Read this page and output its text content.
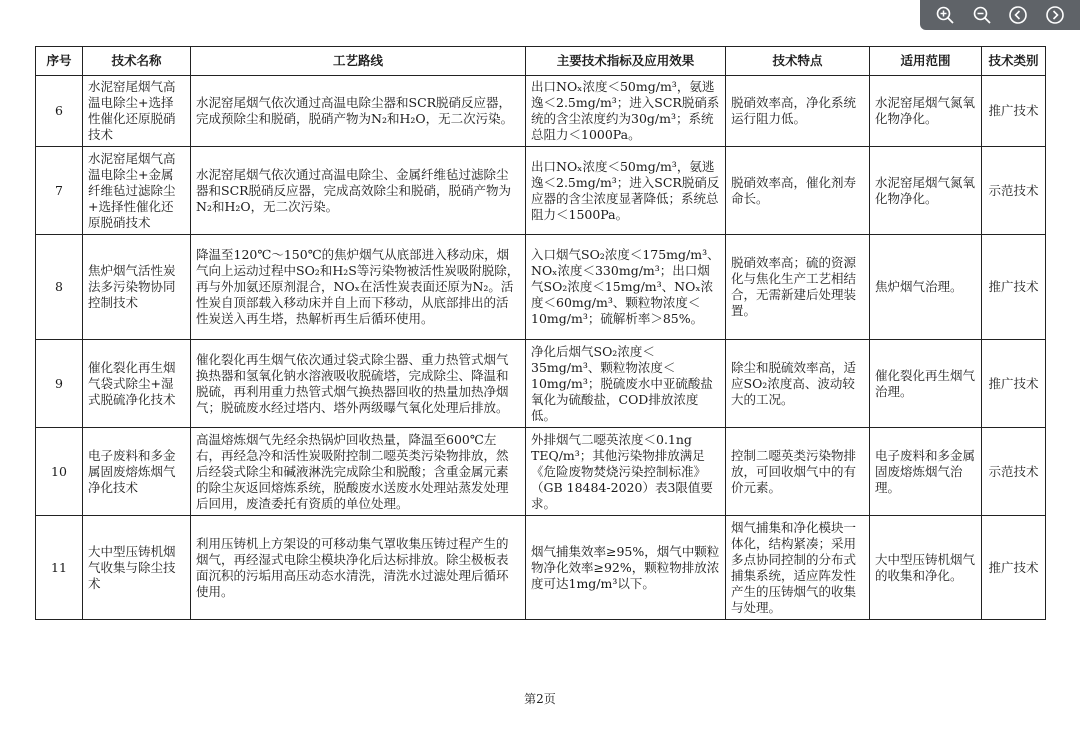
序号	技术名称	工艺路线	主要技术指标及应用效果	技术特点	适用范围	技术类别
6	水泥窑尾烟气高温电除尘+选择性催化还原脱硝技术	水泥窑尾烟气依次通过高温电除尘器和SCR脱硝反应器，完成预除尘和脱硝，脱硝产物为N₂和H₂O，无二次污染。	出口NOₓ浓度＜50mg/m³，氨逃逸＜2.5mg/m³；进入SCR脱硝系统的含尘浓度约为30g/m³；系统总阻力＜1000Pa。	脱硝效率高，净化系统运行阻力低。	水泥窑尾烟气氮氧化物净化。	推广技术
7	水泥窑尾烟气高温电除尘+金属纤维毡过滤除尘+选择性催化还原脱硝技术	水泥窑尾烟气依次通过高温电除尘、金属纤维毡过滤除尘器和SCR脱硝反应器，完成高效除尘和脱硝，脱硝产物为N₂和H₂O，无二次污染。	出口NOₓ浓度＜50mg/m³，氨逃逸＜2.5mg/m³；进入SCR脱硝反应器的含尘浓度显著降低；系统总阻力＜1500Pa。	脱硝效率高，催化剂寿命长。	水泥窑尾烟气氮氧化物净化。	示范技术
8	焦炉烟气活性炭法多污染物协同控制技术	降温至120℃～150℃的焦炉烟气从底部进入移动床，烟气向上运动过程中SO₂和H₂S等污染物被活性炭吸附脱除，再与外加氨还原剂混合，NOₓ在活性炭表面还原为N₂。活性炭自顶部载入移动床并自上而下移动，从底部排出的活性炭送入再生塔，热解析再生后循环使用。	入口烟气SO₂浓度＜175mg/m³、NOₓ浓度＜330mg/m³；出口烟气SO₂浓度＜15mg/m³、NOₓ浓度＜60mg/m³、颗粒物浓度＜10mg/m³；硫解析率＞85%。	脱硝效率高；硫的资源化与焦化生产工艺相结合，无需新建后处理装置。	焦炉烟气治理。	推广技术
9	催化裂化再生烟气袋式除尘+湿式脱硫净化技术	催化裂化再生烟气依次通过袋式除尘器、重力热管式烟气换热器和氢氧化钠水溶液吸收脱硫塔，完成除尘、降温和脱硫，再利用重力热管式烟气换热器回收的热量加热净烟气；脱硫废水经过塔内、塔外两级曝气氧化处理后排放。	净化后烟气SO₂浓度＜35mg/m³、颗粒物浓度＜10mg/m³；脱硫废水中亚硫酸盐氧化为硫酸盐，COD排放浓度低。	除尘和脱硫效率高，适应SO₂浓度高、波动较大的工况。	催化裂化再生烟气治理。	推广技术
10	电子废料和多金属固废熔炼烟气净化技术	高温熔炼烟气先经余热锅炉回收热量，降温至600℃左右，再经急冷和活性炭吸附控制二噁英类污染物排放，然后经袋式除尘和碱液淋洗完成除尘和脱酸；含重金属元素的除尘灰返回熔炼系统，脱酸废水送废水处理站蒸发处理后回用，废渣委托有资质的单位处理。	外排烟气二噁英浓度＜0.1ng TEQ/m³；其他污染物排放满足《危险废物焚烧污染控制标准》（GB 18484-2020）表3限值要求。	控制二噁英类污染物排放，可回收烟气中的有价元素。	电子废料和多金属固废熔炼烟气治理。	示范技术
11	大中型压铸机烟气收集与除尘技术	利用压铸机上方架设的可移动集气罩收集压铸过程产生的烟气，再经湿式电除尘模块净化后达标排放。除尘极板表面沉积的污垢用高压动态水清洗，清洗水过滤处理后循环使用。	烟气捕集效率≥95%，烟气中颗粒物净化效率≥92%，颗粒物排放浓度可达1mg/m³以下。	烟气捕集和净化模块一体化，结构紧凑；采用多点协同控制的分布式捕集系统，适应阵发性产生的压铸烟气的收集与处理。	大中型压铸机烟气的收集和净化。	推广技术
第2页
